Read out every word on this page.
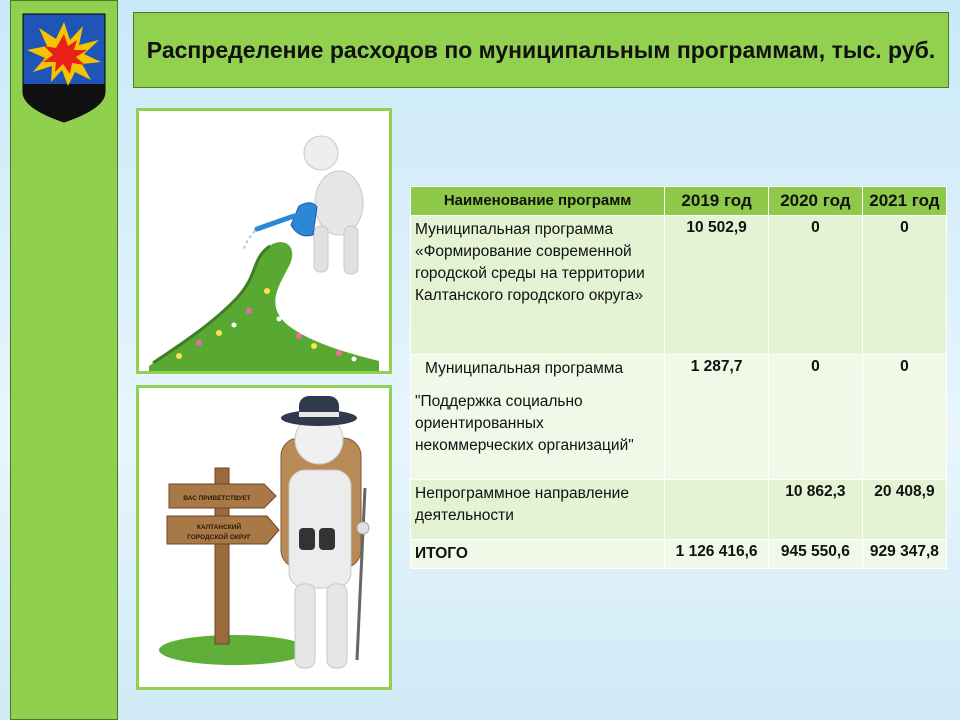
Распределение расходов по муниципальным программам, тыс. руб.
ВАС ПРИВЕТСТВУЕТ
КАЛТАНСКИЙ
ГОРОДСКОЙ ОКРУГ
Наименование программ	2019 год	2020 год	2021 год
Муниципальная программа «Формирование современной городской среды на территории Калтанского городского округа»	10 502,9	0	0

Муниципальная программа

"Поддержка социально ориентированных некоммерческих организаций"	1 287,7	0	0
Непрограммное направление деятельности		10 862,3	20 408,9
ИТОГО	1 126 416,6	945 550,6	929 347,8
